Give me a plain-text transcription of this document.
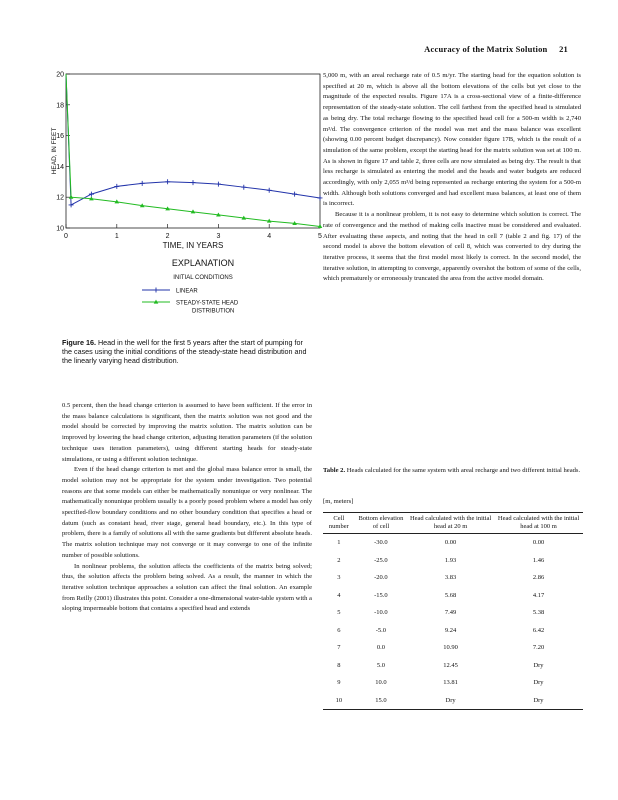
Accuracy of the Matrix Solution 21
0	1	2	3	4	5
10
12
14
16
18
20
TIME, IN YEARS
HEAD, IN FEET
EXPLANATION
INITIAL CONDITIONS
LINEAR
STEADY-STATE HEAD DISTRIBUTION
Figure 16. Head in the well for the first 5 years after the start of pumping for the cases using the initial conditions of the steady-state head distribution and the linearly varying head distribution.

0.5 percent, then the head change criterion is assumed to have been sufficient. If the error in the mass balance calculations is significant, then the matrix solution was not good and the model should be corrected by improving the matrix solution. The matrix solution can be improved by lowering the head change criterion, adjusting iteration parameters (if the solution technique uses iteration parameters), using different starting heads for steady-state simulations, or using a different solution technique.

Even if the head change criterion is met and the global mass balance error is small, the model solution may not be appropriate for the system under investigation. Two potential reasons are that some models can either be mathematically nonunique or very nonlinear. The mathematically nonunique problem usually is a poorly posed problem where a model has only specified-flow boundary conditions and no other boundary condition that specifies a head or datum (such as constant head, river stage, general head boundary, etc.). In this type of problem, there is a family of solutions all with the same gradients but different absolute heads. The matrix solution technique may not converge or it may converge to one of the infinite number of possible solutions.

In nonlinear problems, the solution affects the coefficients of the matrix being solved; thus, the solution affects the problem being solved. As a result, the manner in which the iterative solution technique approaches a solution can affect the final solution. An example from Reilly (2001) illustrates this point. Consider a one-dimensional water-table system with a sloping impermeable bottom that contains a specified head and extends

5,000 m, with an areal recharge rate of 0.5 m/yr. The starting head for the equation solution is specified at 20 m, which is above all the bottom elevations of the cells but yet close to the magnitude of the expected results. Figure 17A is a cross-sectional view of a finite-difference representation of the steady-state solution. The cell farthest from the specified head is simulated as being dry. The total recharge flowing to the specified head cell for a 500-m width is 2,740 m³/d. The convergence criterion of the model was met and the mass balance was excellent (showing 0.00 percent budget discrepancy). Now consider figure 17B, which is the result of a simulation of the same problem, except the starting head for the matrix solution was set at 100 m. As is shown in figure 17 and table 2, three cells are now simulated as being dry. The result is that less recharge is simulated as entering the model and the heads and water budgets are reduced accordingly, with only 2,055 m³/d being represented as recharge entering the system for a 500-m width. Although both solutions converged and had excellent mass balances, at least one of them is incorrect.

Because it is a nonlinear problem, it is not easy to determine which solution is correct. The rate of convergence and the method of making cells inactive must be considered and evaluated. After evaluating these aspects, and noting that the head in cell 7 (table 2 and fig. 17) of the second model is above the bottom elevation of cell 8, which was converted to dry during the iterative process, it seems that the first model most likely is correct. In the second model, the iterative solution, in attempting to converge, apparently overshot the bottom of some of the cells, which prematurely or erroneously truncated the area from the active model domain.

Table 2. Heads calculated for the same system with areal recharge and two different initial heads.
[m, meters]
Cell number	Bottom elevation of cell	Head calculated with the initial head at 20 m	Head calculated with the initial head at 100 m
1	-30.0	0.00	0.00
2	-25.0	1.93	1.46
3	-20.0	3.83	2.86
4	-15.0	5.68	4.17
5	-10.0	7.49	5.38
6	-5.0	9.24	6.42
7	0.0	10.90	7.20
8	5.0	12.45	Dry
9	10.0	13.81	Dry
10	15.0	Dry	Dry
